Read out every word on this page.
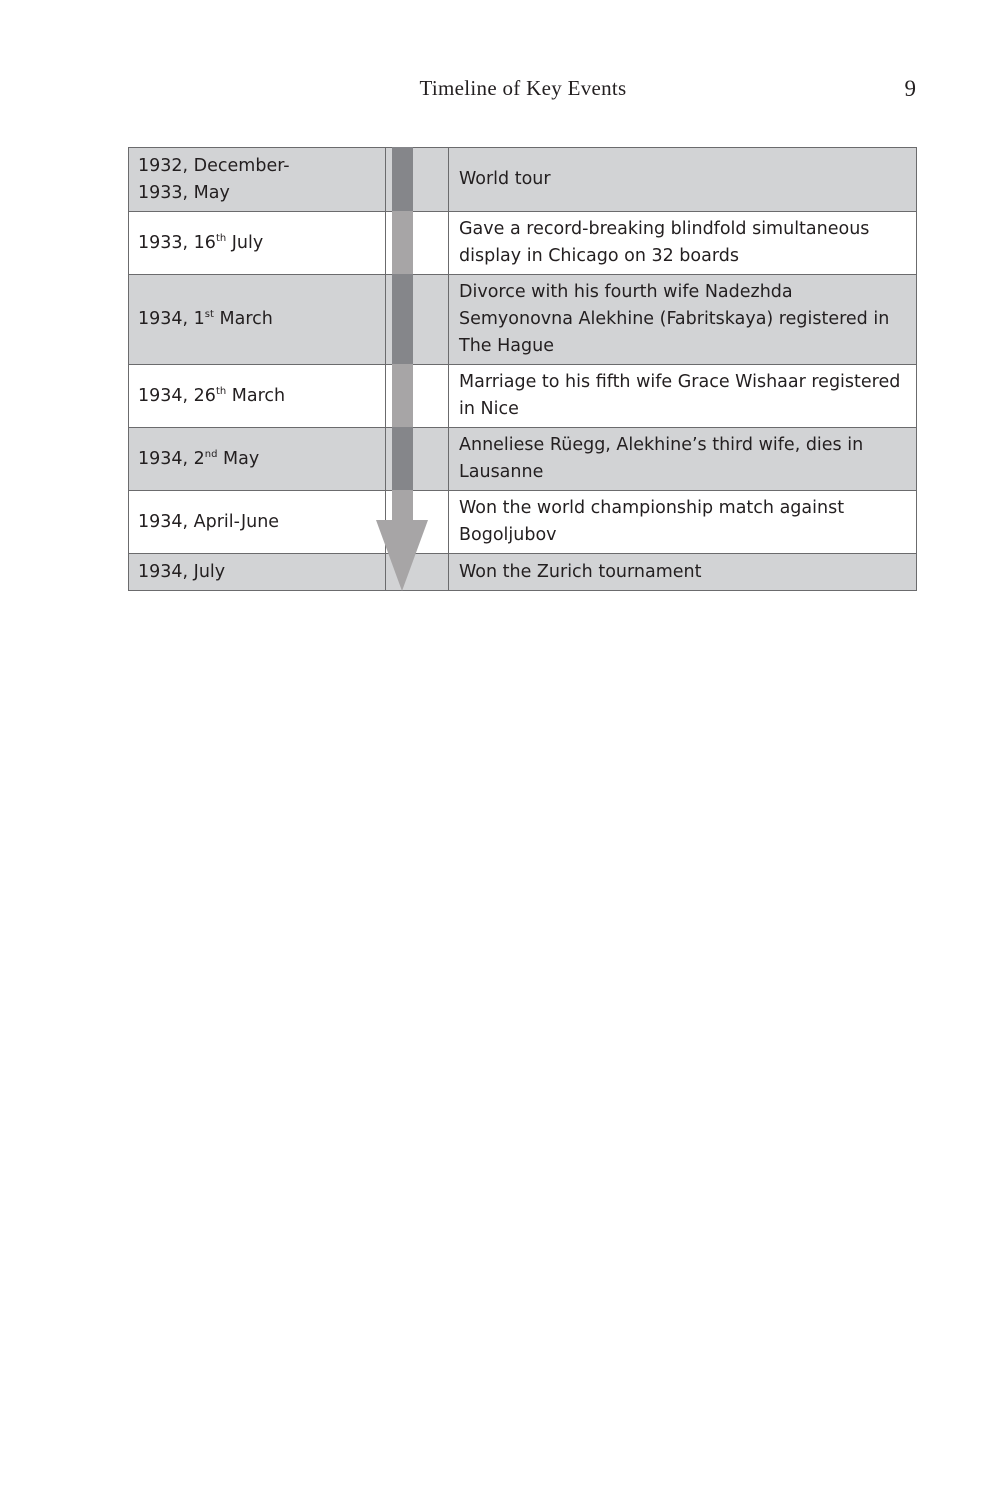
Timeline of Key Events	9
1932, December-
1933, May		World tour
1933, 16th July		Gave a record-breaking blindfold simultaneous display in Chicago on 32 boards
1934, 1st March		Divorce with his fourth wife Nadezhda Semyonovna Alekhine (Fabritskaya) registered in The Hague
1934, 26th March		Marriage to his fifth wife Grace Wishaar registered in Nice
1934, 2nd May		Anneliese Rüegg, Alekhine’s third wife, dies in Lausanne
1934, April-June		Won the world championship match against Bogoljubov
1934, July		Won the Zurich tournament
